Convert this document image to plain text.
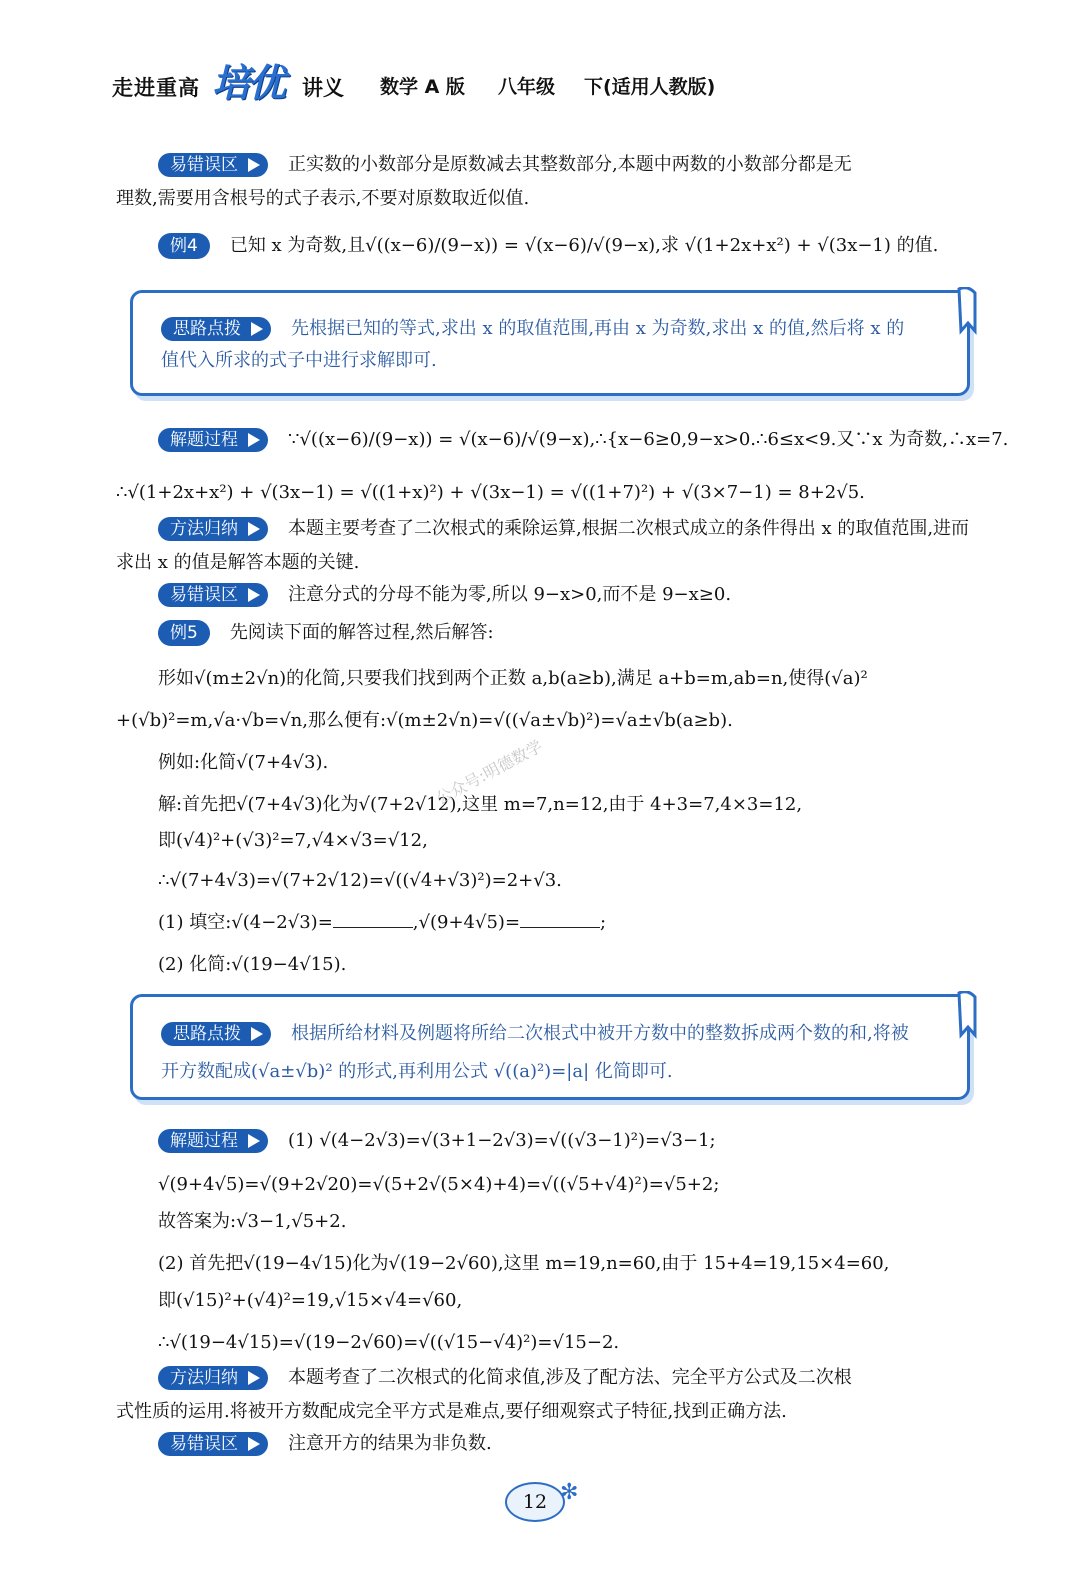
走进重高 培优 讲义 数学 A 版 八年级 下(适用人教版)
易错误区	正实数的小数部分是原数减去其整数部分,本题中两数的小数部分都是无
理数,需要用含根号的式子表示,不要对原数取近似值.
例4 已知 x 为奇数,且√((x−6)/(9−x)) = √(x−6)/√(9−x),求 √(1+2x+x²) + √(3x−1) 的值.
思路点拨	先根据已知的等式,求出 x 的取值范围,再由 x 为奇数,求出 x 的值,然后将 x 的值代入所求的式子中进行求解即可.
解题过程	∵√((x−6)/(9−x)) = √(x−6)/√(9−x),∴{x−6≥0,9−x>0.∴6≤x<9.又∵x 为奇数,∴x=7.
∴√(1+2x+x²) + √(3x−1) = √((1+x)²) + √(3x−1) = √((1+7)²) + √(3×7−1) = 8+2√5.
方法归纳	本题主要考查了二次根式的乘除运算,根据二次根式成立的条件得出 x 的取值范围,进而求出 x 的值是解答本题的关键.
易错误区	注意分式的分母不能为零,所以 9−x>0,而不是 9−x≥0.
例5 先阅读下面的解答过程,然后解答:
形如√(m±2√n)的化简,只要我们找到两个正数 a,b(a≥b),满足 a+b=m,ab=n,使得(√a)²
+(√b)²=m,√a·√b=√n,那么便有:√(m±2√n)=√((√a±√b)²)=√a±√b(a≥b).
例如:化简√(7+4√3).
解:首先把√(7+4√3)化为√(7+2√12),这里 m=7,n=12,由于 4+3=7,4×3=12,
即(√4)²+(√3)²=7,√4×√3=√12,
∴√(7+4√3)=√(7+2√12)=√((√4+√3)²)=2+√3.
(1) 填空:√(4−2√3)=	,√(9+4√5)=	;
(2) 化简:√(19−4√15).
思路点拨	根据所给材料及例题将所给二次根式中被开方数中的整数拆成两个数的和,将被开方数配成(√a±√b)² 的形式,再利用公式 √((a)²)=|a| 化简即可.
解题过程	(1) √(4−2√3)=√(3+1−2√3)=√((√3−1)²)=√3−1;
√(9+4√5)=√(9+2√20)=√(5+2√(5×4)+4)=√((√5+√4)²)=√5+2;
故答案为:√3−1,√5+2.
(2) 首先把√(19−4√15)化为√(19−2√60),这里 m=19,n=60,由于 15+4=19,15×4=60,
即(√15)²+(√4)²=19,√15×√4=√60,
∴√(19−4√15)=√(19−2√60)=√((√15−√4)²)=√15−2.
方法归纳	本题考查了二次根式的化简求值,涉及了配方法、完全平方公式及二次根
式性质的运用.将被开方数配成完全平方式是难点,要仔细观察式子特征,找到正确方法.
易错误区	注意开方的结果为非负数.
公众号:明德数学
12 ✻
